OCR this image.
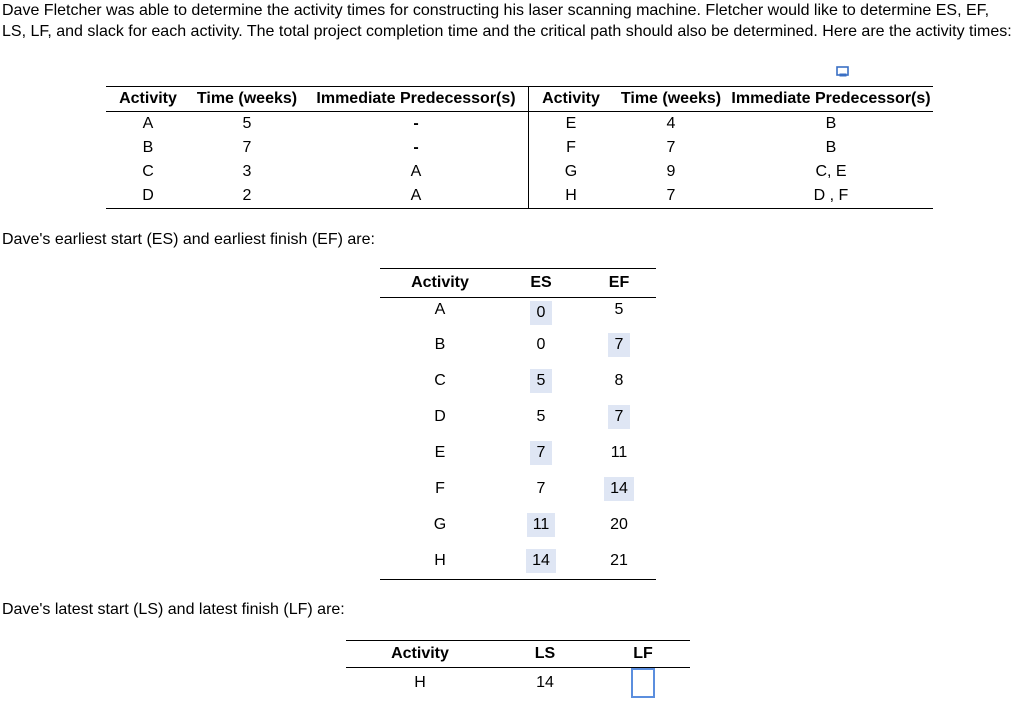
Dave Fletcher was able to determine the activity times for constructing his laser scanning machine. Fletcher would like to determine ES, EF, LS, LF, and slack for each activity. The total project completion time and the critical path should also be determined. Here are the activity times:

Activity	Time (weeks)	Immediate Predecessor(s)	Activity	Time (weeks)	Immediate Predecessor(s)
A	5	-	E	4	B
B	7	-	F	7	B
C	3	A	G	9	C, E
D	2	A	H	7	D , F

Dave's earliest start (ES) and earliest finish (EF) are:

Activity	ES	EF
A	0	5
B	0	7
C	5	8
D	5	7
E	7	11
F	7	14
G	11	20
H	14	21

Dave's latest start (LS) and latest finish (LF) are:

Activity	LS	LF
H	14	
